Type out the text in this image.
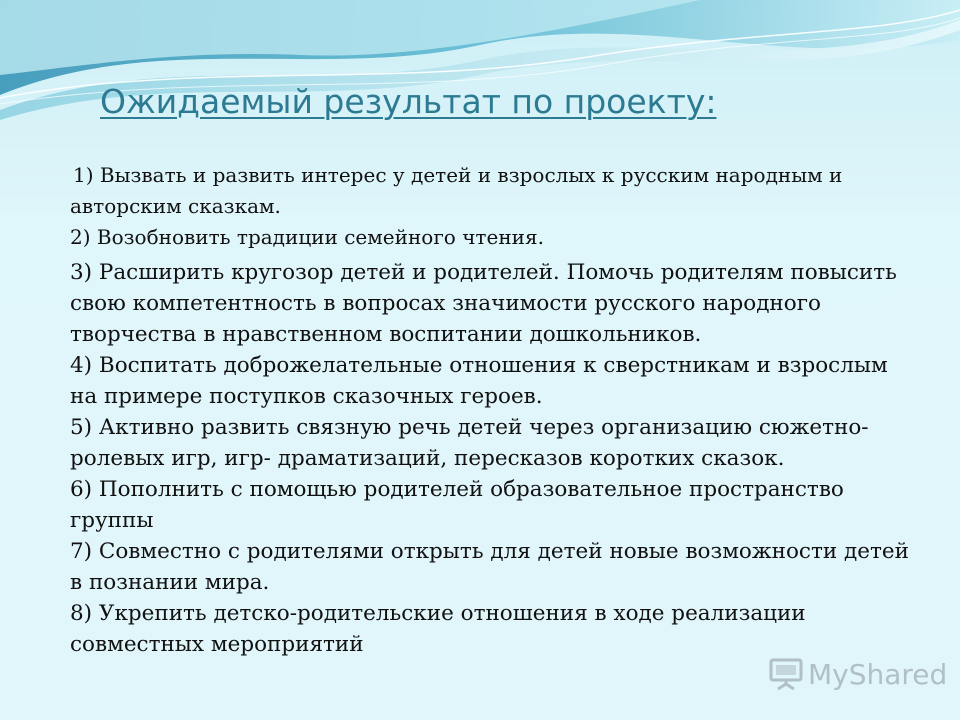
Ожидаемый результат по проекту:

1) Вызвать и развить интерес у детей и взрослых к русским народным и авторским сказкам.

2) Возобновить традиции семейного чтения.

3) Расширить кругозор детей и родителей. Помочь родителям повысить свою компетентность в вопросах значимости русского народного творчества в нравственном воспитании дошкольников.

4) Воспитать доброжелательные отношения к сверстникам и взрослым на примере поступков сказочных героев.

5) Активно развить связную речь детей через организацию сюжетно-ролевых игр, игр- драматизаций, пересказов коротких сказок.

6) Пополнить с помощью родителей образовательное пространство группы

7) Совместно с родителями открыть для детей новые возможности детей в познании мира.

8) Укрепить детско-родительские отношения в ходе реализации совместных мероприятий

MyShared
